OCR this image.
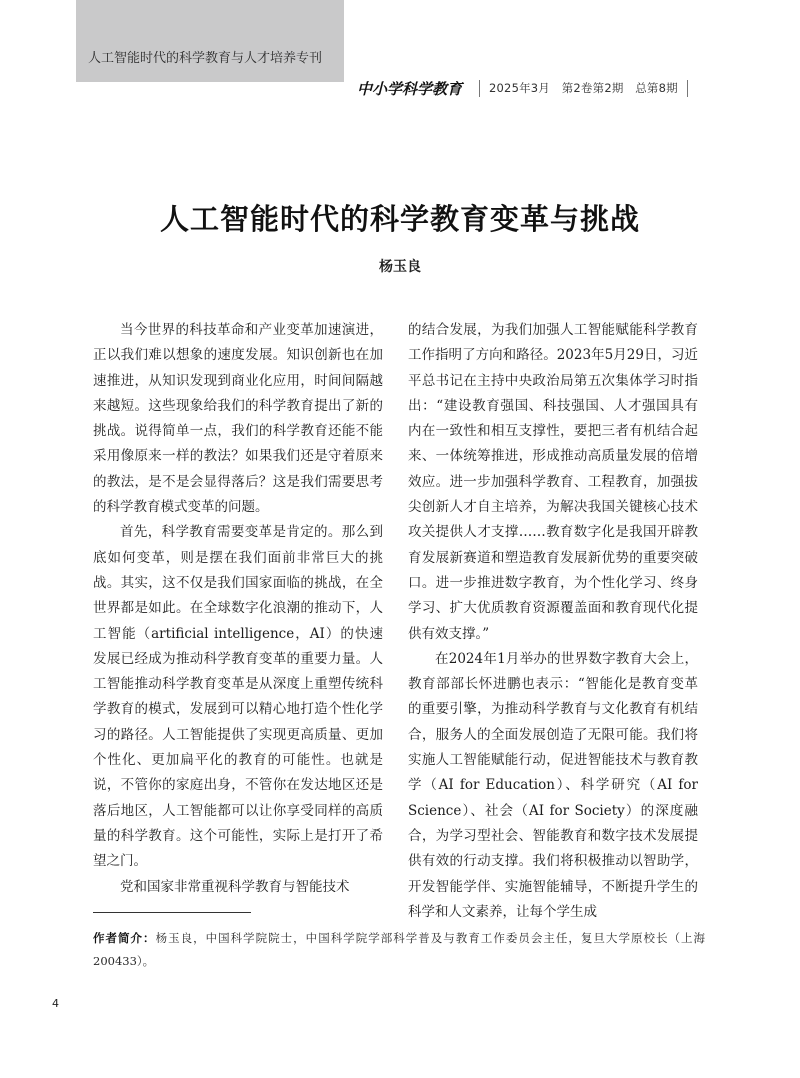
人工智能时代的科学教育与人才培养专刊
中小学科学教育 2025年3月　第2卷第2期　总第8期
人工智能时代的科学教育变革与挑战
杨玉良

当今世界的科技革命和产业变革加速演进，正以我们难以想象的速度发展。知识创新也在加速推进，从知识发现到商业化应用，时间间隔越来越短。这些现象给我们的科学教育提出了新的挑战。说得简单一点，我们的科学教育还能不能采用像原来一样的教法？如果我们还是守着原来的教法，是不是会显得落后？这是我们需要思考的科学教育模式变革的问题。

首先，科学教育需要变革是肯定的。那么到底如何变革，则是摆在我们面前非常巨大的挑战。其实，这不仅是我们国家面临的挑战，在全世界都是如此。在全球数字化浪潮的推动下，人工智能（artificial intelligence，AI）的快速发展已经成为推动科学教育变革的重要力量。人工智能推动科学教育变革是从深度上重塑传统科学教育的模式，发展到可以精心地打造个性化学习的路径。人工智能提供了实现更高质量、更加个性化、更加扁平化的教育的可能性。也就是说，不管你的家庭出身，不管你在发达地区还是落后地区，人工智能都可以让你享受同样的高质量的科学教育。这个可能性，实际上是打开了希望之门。

党和国家非常重视科学教育与智能技术

的结合发展，为我们加强人工智能赋能科学教育工作指明了方向和路径。2023年5月29日，习近平总书记在主持中央政治局第五次集体学习时指出：“建设教育强国、科技强国、人才强国具有内在一致性和相互支撑性，要把三者有机结合起来、一体统筹推进，形成推动高质量发展的倍增效应。进一步加强科学教育、工程教育，加强拔尖创新人才自主培养，为解决我国关键核心技术攻关提供人才支撑……教育数字化是我国开辟教育发展新赛道和塑造教育发展新优势的重要突破口。进一步推进数字教育，为个性化学习、终身学习、扩大优质教育资源覆盖面和教育现代化提供有效支撑。”

在2024年1月举办的世界数字教育大会上，教育部部长怀进鹏也表示：“智能化是教育变革的重要引擎，为推动科学教育与文化教育有机结合，服务人的全面发展创造了无限可能。我们将实施人工智能赋能行动，促进智能技术与教育教学（AI for Education）、科学研究（AI for Science）、社会（AI for Society）的深度融合，为学习型社会、智能教育和数字技术发展提供有效的行动支撑。我们将积极推动以智助学，开发智能学伴、实施智能辅导，不断提升学生的科学和人文素养，让每个学生成

作者简介：杨玉良，中国科学院院士，中国科学院学部科学普及与教育工作委员会主任，复旦大学原校长（上海　200433）。
4
